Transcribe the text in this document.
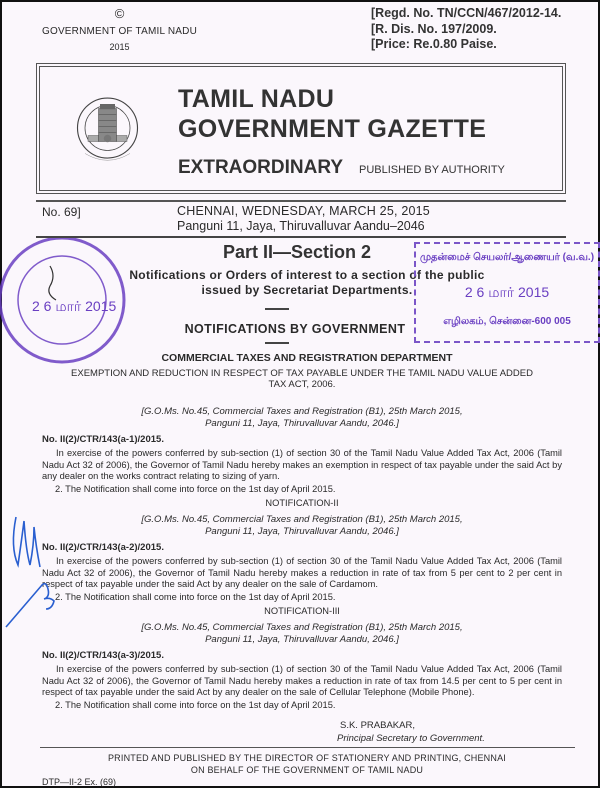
©
GOVERNMENT OF TAMIL NADU
2015
[Regd. No. TN/CCN/467/2012-14.
[R. Dis. No. 197/2009.
[Price: Re.0.80 Paise.
TAMIL NADU
GOVERNMENT GAZETTE
EXTRAORDINARY PUBLISHED BY AUTHORITY
No. 69]	CHENNAI, WEDNESDAY, MARCH 25, 2015
Panguni 11, Jaya, Thiruvalluvar Aandu–2046
Part II—Section 2
Notifications or Orders of interest to a section of the public
issued by Secretariat Departments.
NOTIFICATIONS BY GOVERNMENT
COMMERCIAL TAXES AND REGISTRATION DEPARTMENT
EXEMPTION AND REDUCTION IN RESPECT OF TAX PAYABLE UNDER THE TAMIL NADU VALUE ADDED
TAX ACT, 2006.
[G.O.Ms. No.45, Commercial Taxes and Registration (B1), 25th March 2015,
Panguni 11, Jaya, Thiruvalluvar Aandu, 2046.]
No. II(2)/CTR/143(a-1)/2015.
In exercise of the powers conferred by sub-section (1) of section 30 of the Tamil Nadu Value Added Tax Act, 2006 (Tamil Nadu Act 32 of 2006), the Governor of Tamil Nadu hereby makes an exemption in respect of tax payable under the said Act by any dealer on the works contract relating to sizing of yarn.
2. The Notification shall come into force on the 1st day of April 2015.
NOTIFICATION-II
[G.O.Ms. No.45, Commercial Taxes and Registration (B1), 25th March 2015,
Panguni 11, Jaya, Thiruvalluvar Aandu, 2046.]
No. II(2)/CTR/143(a-2)/2015.
In exercise of the powers conferred by sub-section (1) of section 30 of the Tamil Nadu Value Added Tax Act, 2006 (Tamil Nadu Act 32 of 2006), the Governor of Tamil Nadu hereby makes a reduction in rate of tax from 5 per cent to 2 per cent in respect of tax payable under the said Act by any dealer on the sale of Cardamom.
2. The Notification shall come into force on the 1st day of April 2015.
NOTIFICATION-III
[G.O.Ms. No.45, Commercial Taxes and Registration (B1), 25th March 2015,
Panguni 11, Jaya, Thiruvalluvar Aandu, 2046.]
No. II(2)/CTR/143(a-3)/2015.
In exercise of the powers conferred by sub-section (1) of section 30 of the Tamil Nadu Value Added Tax Act, 2006 (Tamil Nadu Act 32 of 2006), the Governor of Tamil Nadu hereby makes a reduction in rate of tax from 14.5 per cent to 5 per cent in respect of tax payable under the said Act by any dealer on the sale of Cellular Telephone (Mobile Phone).
2. The Notification shall come into force on the 1st day of April 2015.
S.K. PRABAKAR,
Principal Secretary to Government.
PRINTED AND PUBLISHED BY THE DIRECTOR OF STATIONERY AND PRINTING, CHENNAI
ON BEHALF OF THE GOVERNMENT OF TAMIL NADU
DTP—II-2 Ex. (69)
2 6 மார் 2015
முதன்மைச் செயலர்/ஆணையர் (வ.வ.)
2 6 மார் 2015
எழிலகம், சென்னை-600 005
